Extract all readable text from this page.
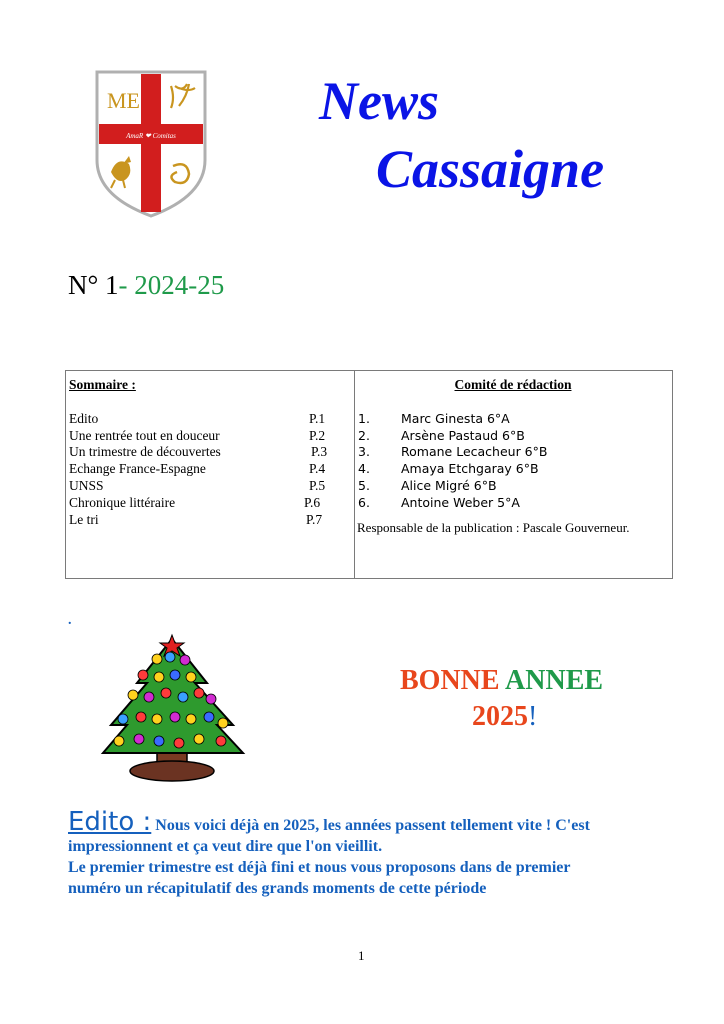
ME
AmaR ❤ Comitas
News
Cassaigne
N° 1- 2024-25
Sommaire :
Edito	P.1
Une rentrée tout en douceur	P.2
Un trimestre de découvertes	P.3
Echange France-Espagne	P.4
UNSS	P.5
Chronique littéraire	P.6
Le tri	P.7
Comité de rédaction
1. Marc Ginesta 6°A
2. Arsène Pastaud 6°B
3. Romane Lecacheur 6°B
4. Amaya Etchgaray 6°B
5. Alice Migré 6°B
6. Antoine Weber 5°A
Responsable de la publication : Pascale Gouverneur.
.
BONNE ANNEE
2025!
Edito : Nous voici déjà en 2025, les années passent tellement vite ! C'est
impressionnent et ça veut dire que l'on vieillit.
Le premier trimestre est déjà fini et nous vous proposons dans de premier
numéro un récapitulatif des grands moments de cette période
1
